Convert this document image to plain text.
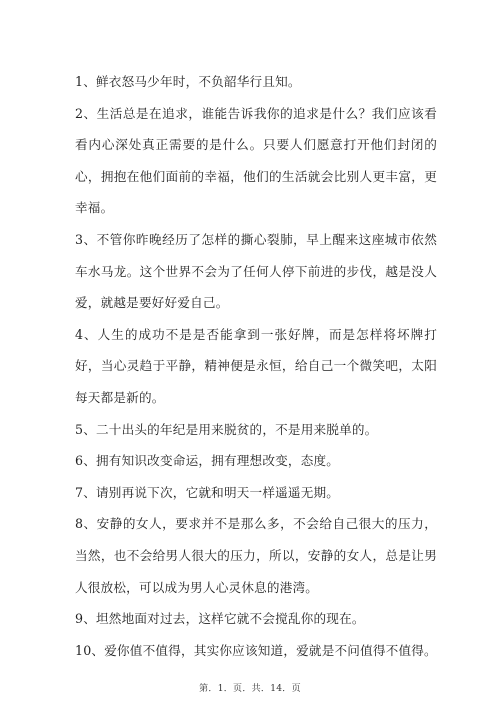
1、鲜衣怒马少年时，不负韶华行且知。

2、生活总是在追求，谁能告诉我你的追求是什么？我们应该看看内心深处真正需要的是什么。只要人们愿意打开他们封闭的心，拥抱在他们面前的幸福，他们的生活就会比别人更丰富，更幸福。

3、不管你昨晚经历了怎样的撕心裂肺，早上醒来这座城市依然车水马龙。这个世界不会为了任何人停下前进的步伐，越是没人爱，就越是要好好爱自己。

4、人生的成功不是是否能拿到一张好牌，而是怎样将坏牌打好，当心灵趋于平静，精神便是永恒，给自己一个微笑吧，太阳每天都是新的。

5、二十出头的年纪是用来脱贫的，不是用来脱单的。

6、拥有知识改变命运，拥有理想改变，态度。

7、请别再说下次，它就和明天一样遥遥无期。

8、安静的女人，要求并不是那么多，不会给自己很大的压力，当然，也不会给男人很大的压力，所以，安静的女人，总是让男人很放松，可以成为男人心灵休息的港湾。

9、坦然地面对过去，这样它就不会搅乱你的现在。

10、爱你值不值得，其实你应该知道，爱就是不问值得不值得。

第．1．页．共．14．页
